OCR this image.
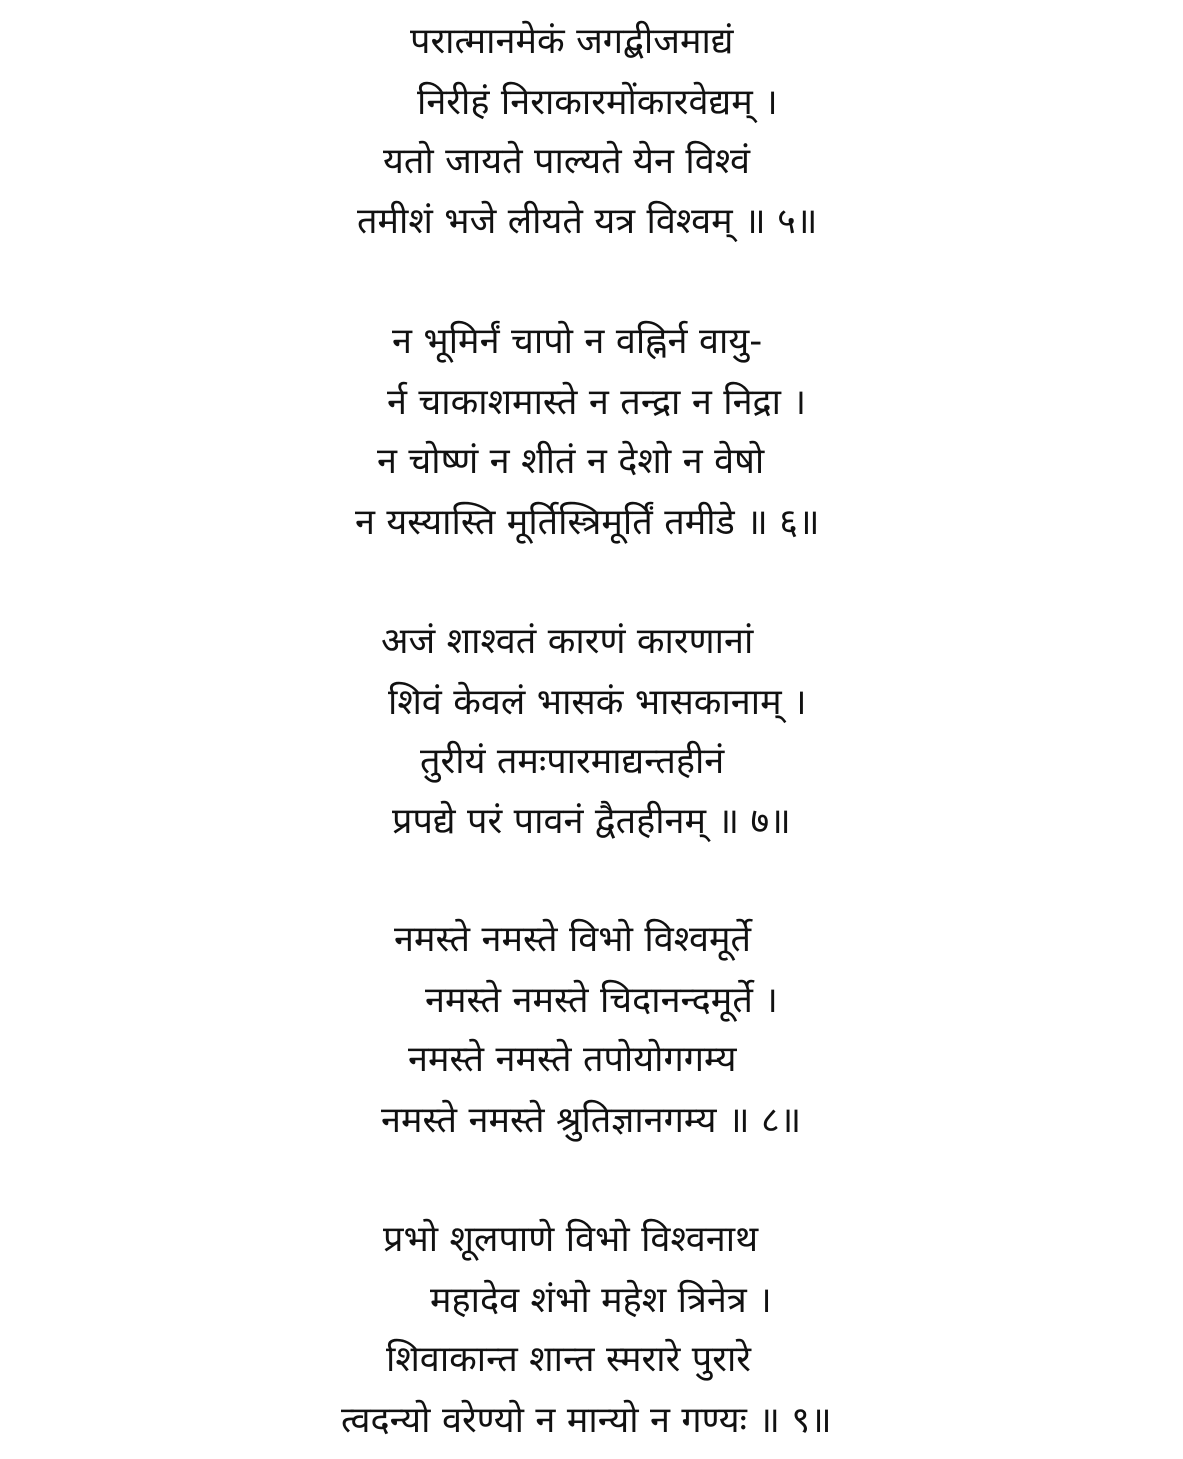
परात्मानमेकं जगद्बीजमाद्यं
निरीहं निराकारमोंकारवेद्यम् ।
यतो जायते पाल्यते येन विश्वं
तमीशं भजे लीयते यत्र विश्वम् ॥ ५॥
न भूमिर्नं चापो न वह्निर्न वायु-
र्न चाकाशमास्ते न तन्द्रा न निद्रा ।
न चोष्णं न शीतं न देशो न वेषो
न यस्यास्ति मूर्तिस्त्रिमूर्तिं तमीडे ॥ ६॥
अजं शाश्वतं कारणं कारणानां
शिवं केवलं भासकं भासकानाम् ।
तुरीयं तमःपारमाद्यन्तहीनं
प्रपद्ये परं पावनं द्वैतहीनम् ॥ ७॥
नमस्ते नमस्ते विभो विश्वमूर्ते
नमस्ते नमस्ते चिदानन्दमूर्ते ।
नमस्ते नमस्ते तपोयोगगम्य
नमस्ते नमस्ते श्रुतिज्ञानगम्य ॥ ८॥
प्रभो शूलपाणे विभो विश्वनाथ
महादेव शंभो महेश त्रिनेत्र ।
शिवाकान्त शान्त स्मरारे पुरारे
त्वदन्यो वरेण्यो न मान्यो न गण्यः ॥ ९॥
